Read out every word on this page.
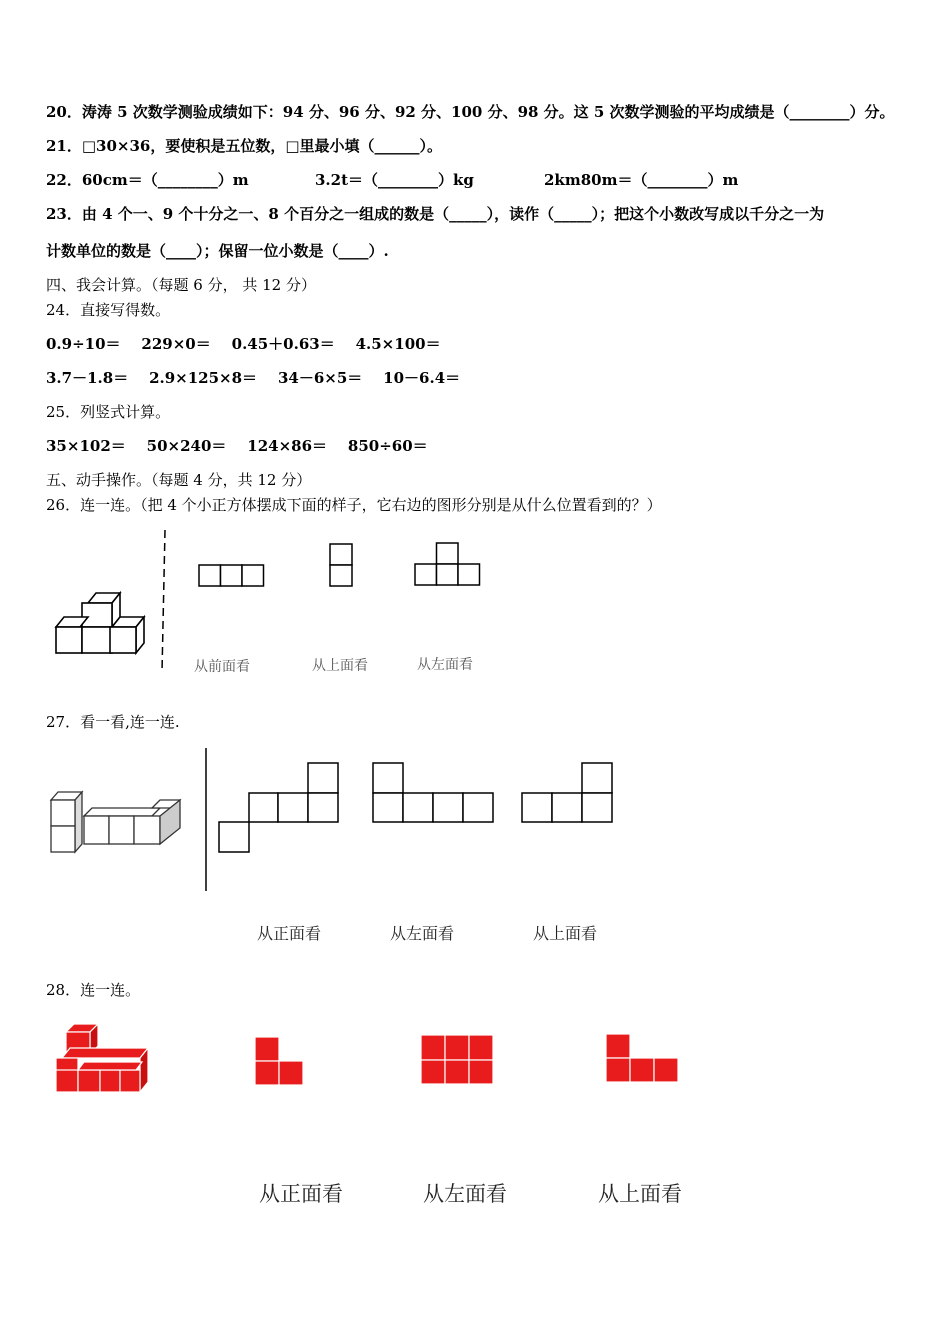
20．涛涛 5 次数学测验成绩如下：94 分、96 分、92 分、100 分、98 分。这 5 次数学测验的平均成绩是（________）分。
21．□30×36，要使积是五位数，□里最小填（______）。
22．60cm＝（________）m	3.2t＝（________）kg	2km80m＝（________）m
23．由 4 个一、9 个十分之一、8 个百分之一组成的数是（_____），读作（_____）；把这个小数改写成以千分之一为
计数单位的数是（____）；保留一位小数是（____）.
四、我会计算。（每题 6 分， 共 12 分）
24．直接写得数。
0.9÷10＝    229×0＝    0.45＋0.63＝    4.5×100＝
3.7－1.8＝    2.9×125×8＝    34－6×5＝    10－6.4＝
25．列竖式计算。
35×102＝    50×240＝    124×86＝    850÷60＝
五、动手操作。（每题 4 分，共 12 分）
26．连一连。（把 4 个小正方体摆成下面的样子，它右边的图形分别是从什么位置看到的？）
从前面看	从上面看	从左面看
27．看一看,连一连.
从正面看	从左面看	从上面看
28．连一连。
从正面看	从左面看	从上面看
